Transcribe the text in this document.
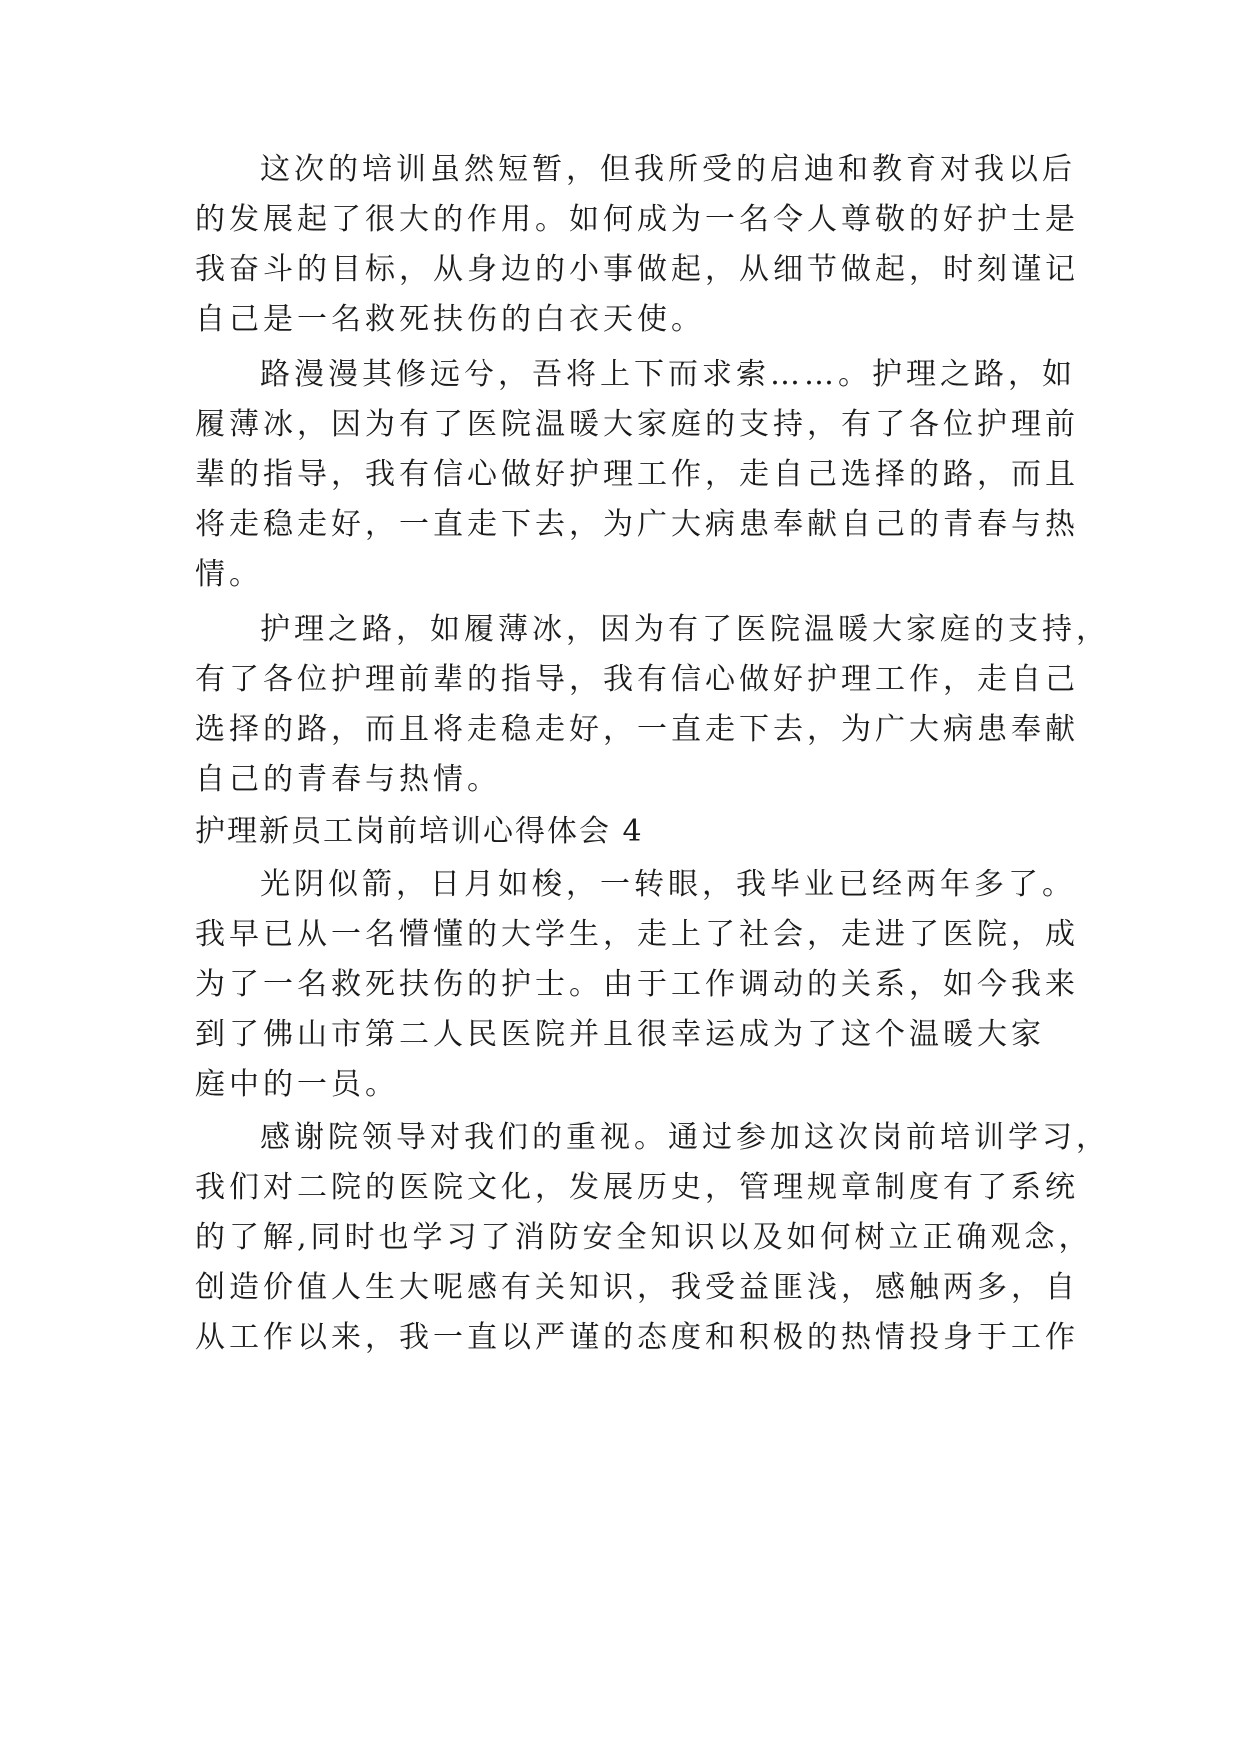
这次的培训虽然短暂，但我所受的启迪和教育对我以后
的发展起了很大的作用。如何成为一名令人尊敬的好护士是
我奋斗的目标，从身边的小事做起，从细节做起，时刻谨记
自己是一名救死扶伤的白衣天使。
路漫漫其修远兮，吾将上下而求索……。护理之路，如
履薄冰，因为有了医院温暖大家庭的支持，有了各位护理前
辈的指导，我有信心做好护理工作，走自己选择的路，而且
将走稳走好，一直走下去，为广大病患奉献自己的青春与热
情。
护理之路，如履薄冰，因为有了医院温暖大家庭的支持，
有了各位护理前辈的指导，我有信心做好护理工作，走自己
选择的路，而且将走稳走好，一直走下去，为广大病患奉献
自己的青春与热情。
护理新员工岗前培训心得体会 4
光阴似箭，日月如梭，一转眼，我毕业已经两年多了。
我早已从一名懵懂的大学生，走上了社会，走进了医院，成
为了一名救死扶伤的护士。由于工作调动的关系，如今我来
到了佛山市第二人民医院并且很幸运成为了这个温暖大家
庭中的一员。
感谢院领导对我们的重视。通过参加这次岗前培训学习，
我们对二院的医院文化，发展历史，管理规章制度有了系统
的了解,同时也学习了消防安全知识以及如何树立正确观念，
创造价值人生大呢感有关知识，我受益匪浅，感触两多，自
从工作以来，我一直以严谨的态度和积极的热情投身于工作
